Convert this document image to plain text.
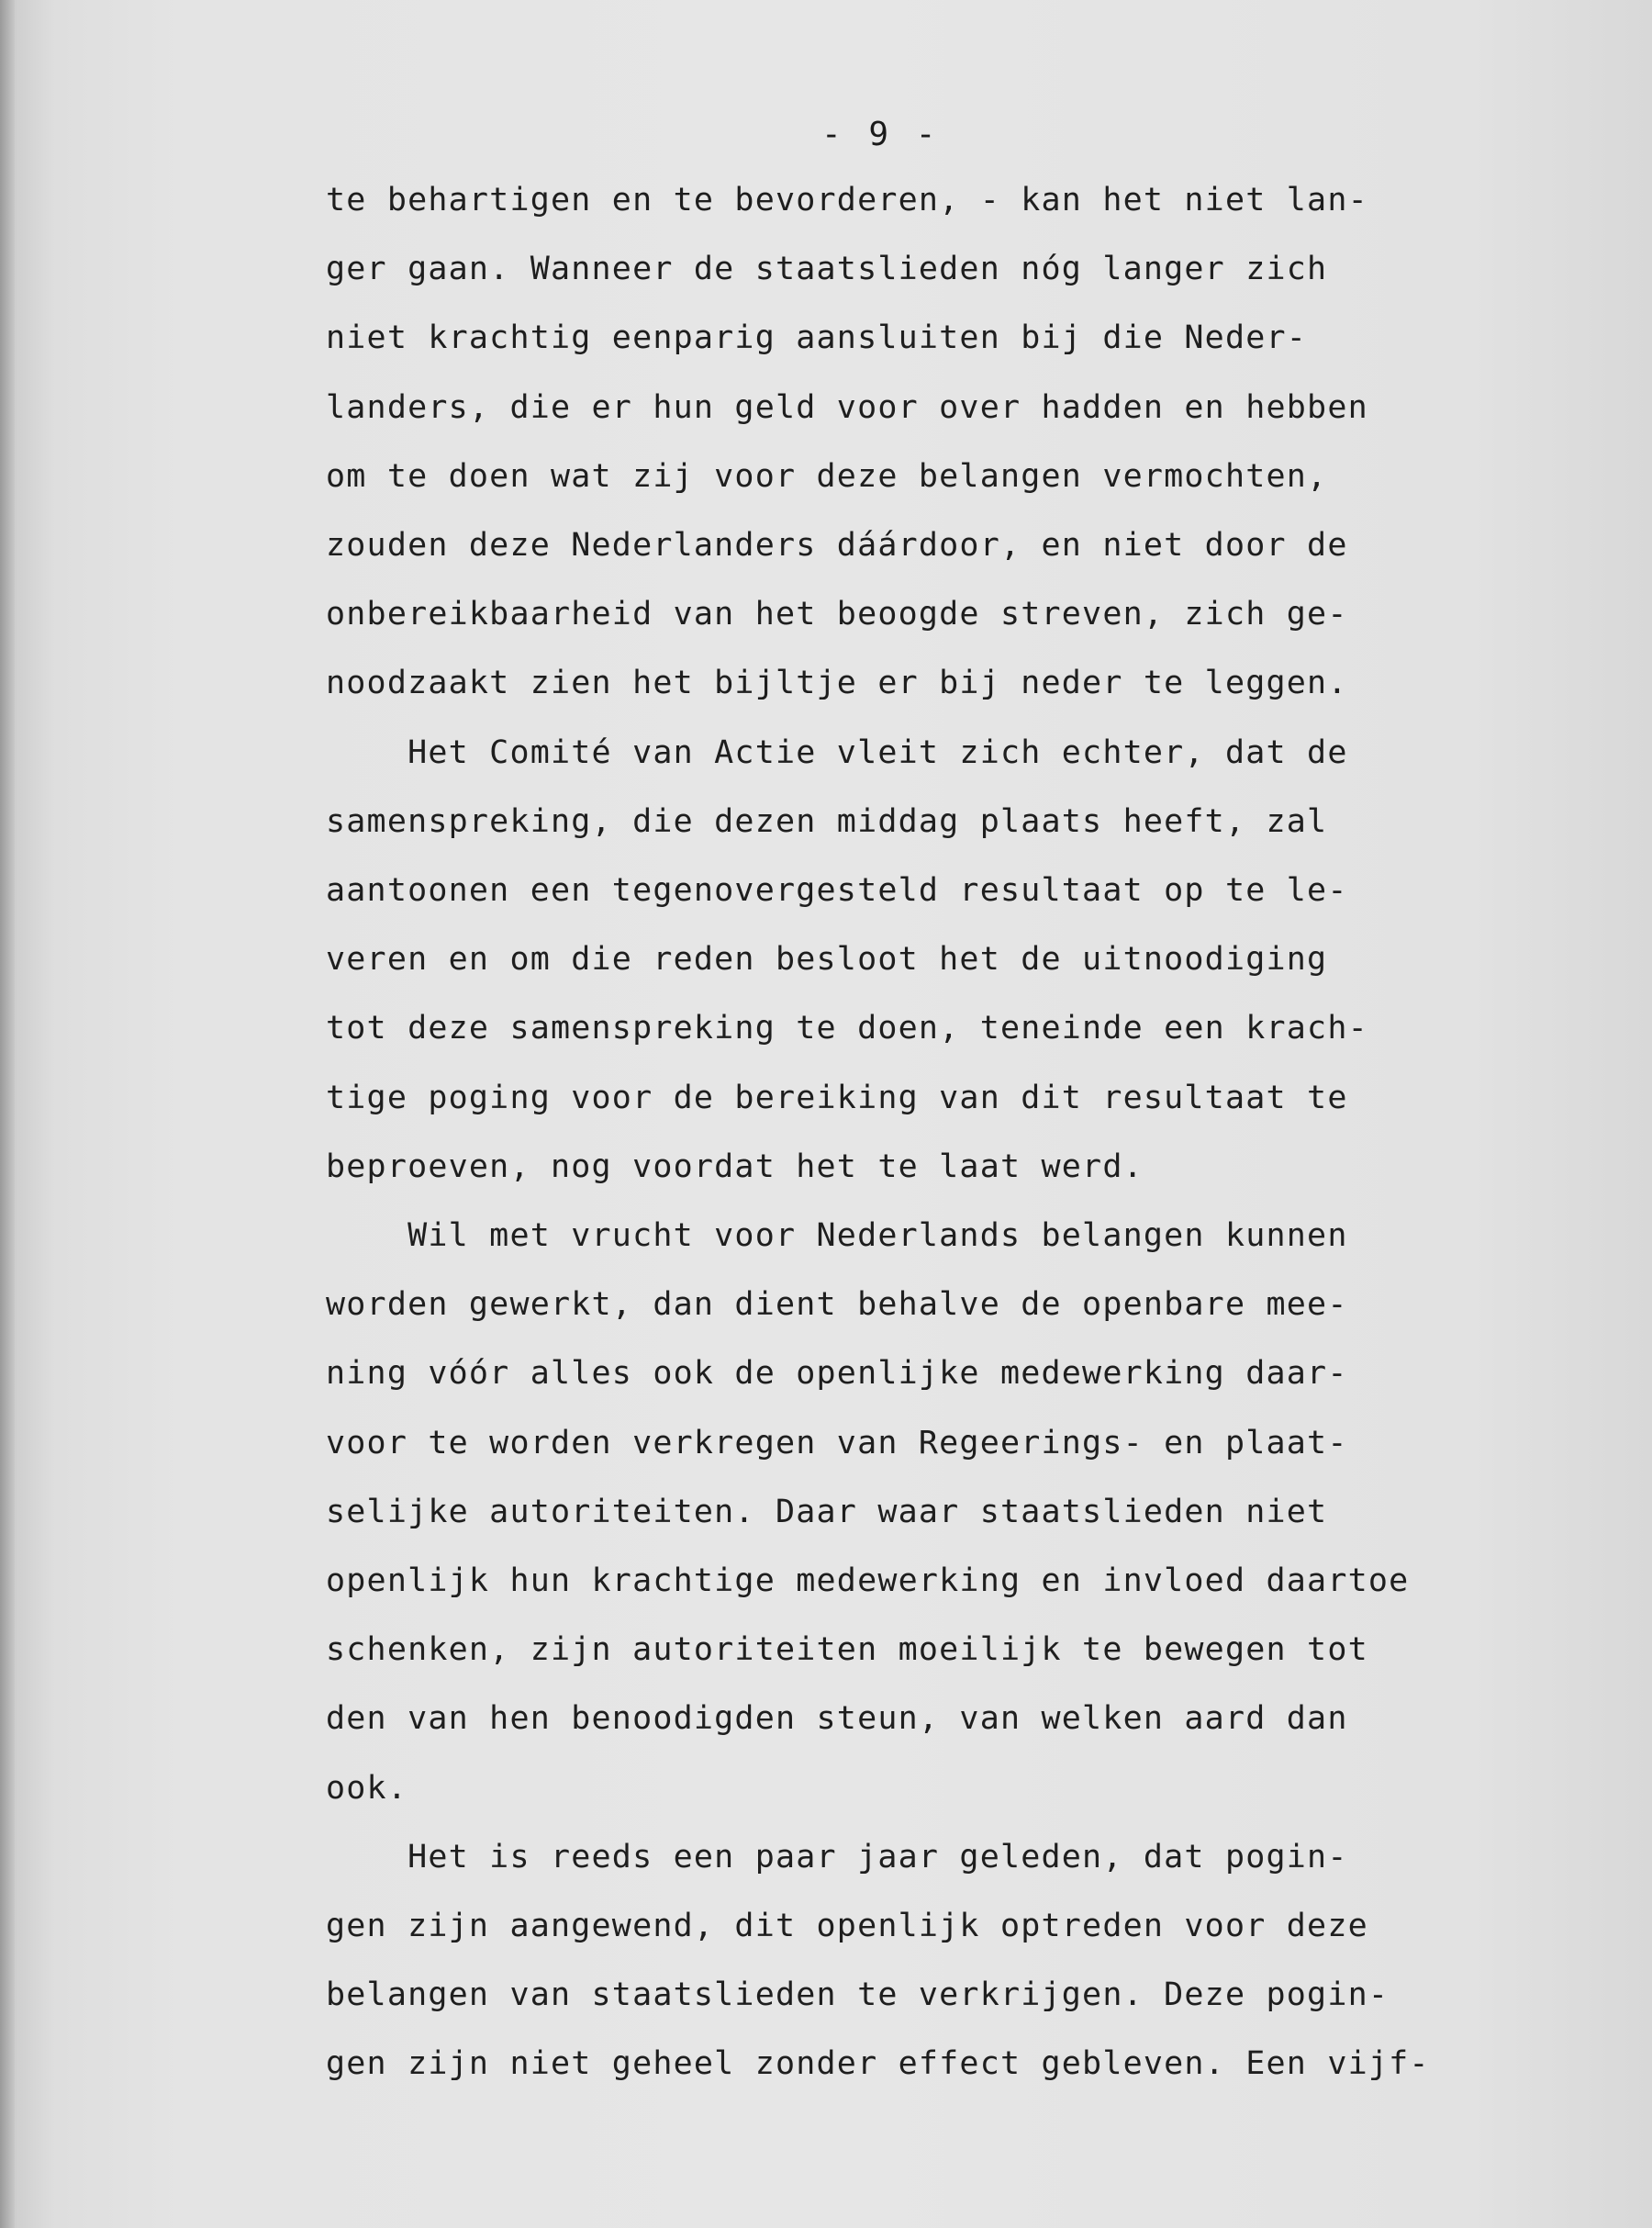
- 9 -
te behartigen en te bevorderen, - kan het niet lan-
ger gaan. Wanneer de staatslieden nóg langer zich
niet krachtig eenparig aansluiten bij die Neder-
landers, die er hun geld voor over hadden en hebben
om te doen wat zij voor deze belangen vermochten,
zouden deze Nederlanders dáárdoor, en niet door de
onbereikbaarheid van het beoogde streven, zich ge-
noodzaakt zien het bijltje er bij neder te leggen.
Het Comité van Actie vleit zich echter, dat de
samenspreking, die dezen middag plaats heeft, zal
aantoonen een tegenovergesteld resultaat op te le-
veren en om die reden besloot het de uitnoodiging
tot deze samenspreking te doen, teneinde een krach-
tige poging voor de bereiking van dit resultaat te
beproeven, nog voordat het te laat werd.
Wil met vrucht voor Nederlands belangen kunnen
worden gewerkt, dan dient behalve de openbare mee-
ning vóór alles ook de openlijke medewerking daar-
voor te worden verkregen van Regeerings- en plaat-
selijke autoriteiten. Daar waar staatslieden niet
openlijk hun krachtige medewerking en invloed daartoe
schenken, zijn autoriteiten moeilijk te bewegen tot
den van hen benoodigden steun, van welken aard dan
ook.
Het is reeds een paar jaar geleden, dat pogin-
gen zijn aangewend, dit openlijk optreden voor deze
belangen van staatslieden te verkrijgen. Deze pogin-
gen zijn niet geheel zonder effect gebleven. Een vijf-
